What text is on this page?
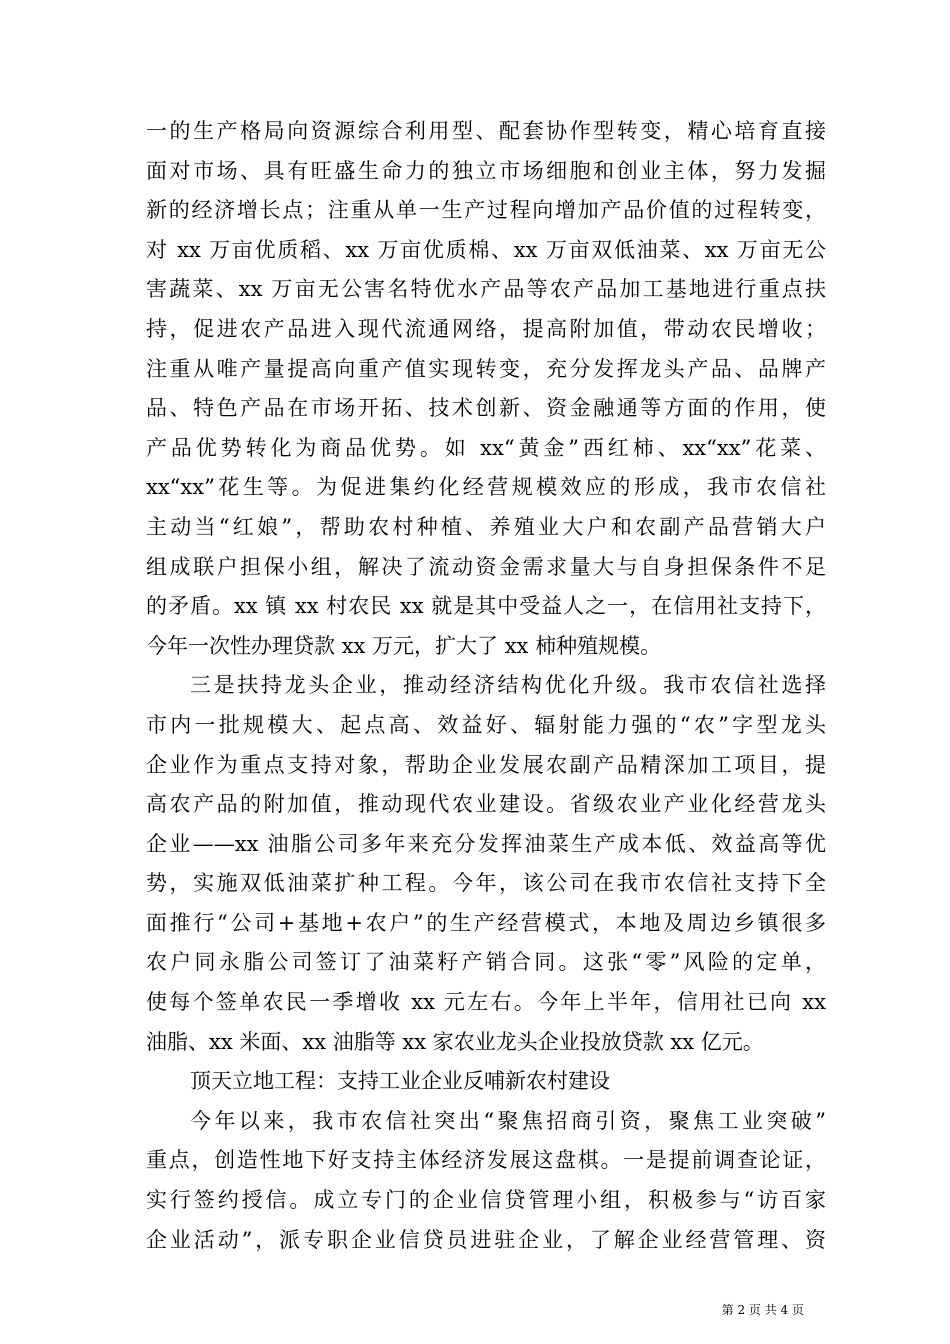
一的生产格局向资源综合利用型、配套协作型转变，精心培育直接
面对市场、具有旺盛生命力的独立市场细胞和创业主体，努力发掘
新的经济增长点；注重从单一生产过程向增加产品价值的过程转变，
对 xx 万亩优质稻、xx 万亩优质棉、xx 万亩双低油菜、xx 万亩无公
害蔬菜、xx 万亩无公害名特优水产品等农产品加工基地进行重点扶
持，促进农产品进入现代流通网络，提高附加值，带动农民增收；
注重从唯产量提高向重产值实现转变，充分发挥龙头产品、品牌产
品、特色产品在市场开拓、技术创新、资金融通等方面的作用，使
产品优势转化为商品优势。如 xx“黄金”西红柿、xx“xx”花菜、
xx“xx”花生等。为促进集约化经营规模效应的形成，我市农信社
主动当“红娘”，帮助农村种植、养殖业大户和农副产品营销大户
组成联户担保小组，解决了流动资金需求量大与自身担保条件不足
的矛盾。xx 镇 xx 村农民 xx 就是其中受益人之一，在信用社支持下，
今年一次性办理贷款 xx 万元，扩大了 xx 柿种殖规模。
三是扶持龙头企业，推动经济结构优化升级。我市农信社选择
市内一批规模大、起点高、效益好、辐射能力强的“农”字型龙头
企业作为重点支持对象，帮助企业发展农副产品精深加工项目，提
高农产品的附加值，推动现代农业建设。省级农业产业化经营龙头
企业——xx 油脂公司多年来充分发挥油菜生产成本低、效益高等优
势，实施双低油菜扩种工程。今年，该公司在我市农信社支持下全
面推行“公司+基地+农户”的生产经营模式，本地及周边乡镇很多
农户同永脂公司签订了油菜籽产销合同。这张“零”风险的定单，
使每个签单农民一季增收 xx 元左右。今年上半年，信用社已向 xx
油脂、xx 米面、xx 油脂等 xx 家农业龙头企业投放贷款 xx 亿元。
顶天立地工程：支持工业企业反哺新农村建设
今年以来，我市农信社突出“聚焦招商引资，聚焦工业突破”
重点，创造性地下好支持主体经济发展这盘棋。一是提前调查论证，
实行签约授信。成立专门的企业信贷管理小组，积极参与“访百家
企业活动”，派专职企业信贷员进驻企业，了解企业经营管理、资
第 2 页 共 4 页
